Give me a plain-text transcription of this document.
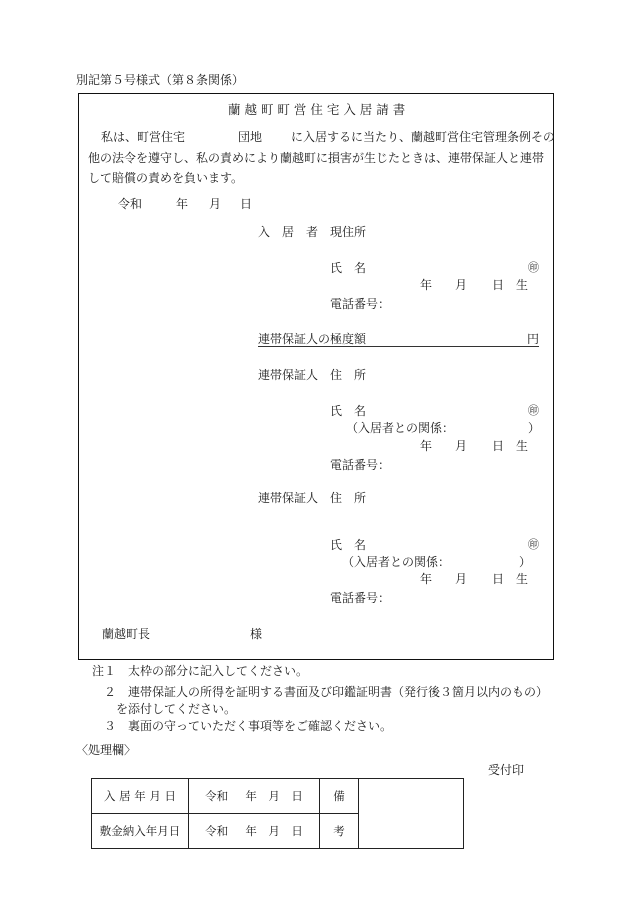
別記第５号様式（第８条関係）
蘭 越 町 町 営 住 宅 入 居 請 書
私は、町営住宅	団地 に入居するに当たり、蘭越町営住宅管理条例その
他の法令を遵守し、私の責めにより蘭越町に損害が生じたときは、連帯保証人と連帯
して賠償の責めを負います。
令和	年 月 日
入　居　者 現住所
氏　名	㊞
年 月 日 生
電話番号：
連帯保証人の極度額	円
連帯保証人 住　所
氏　名	㊞
（入居者との関係：	）
年 月 日 生
電話番号：
連帯保証人 住　所
氏　名	㊞
（入居者との関係：	）
年 月 日 生
電話番号：
蘭越町長	様
注１　太枠の部分に記入してください。
２　連帯保証人の所得を証明する書面及び印鑑証明書（発行後３箇月以内のもの）
を添付してください。
３　裏面の守っていただく事項等をご確認ください。
〈処理欄〉
受付印
入 居 年 月 日	令和   年  月  日	備	
敷金納入年月日	令和   年  月  日	考	
